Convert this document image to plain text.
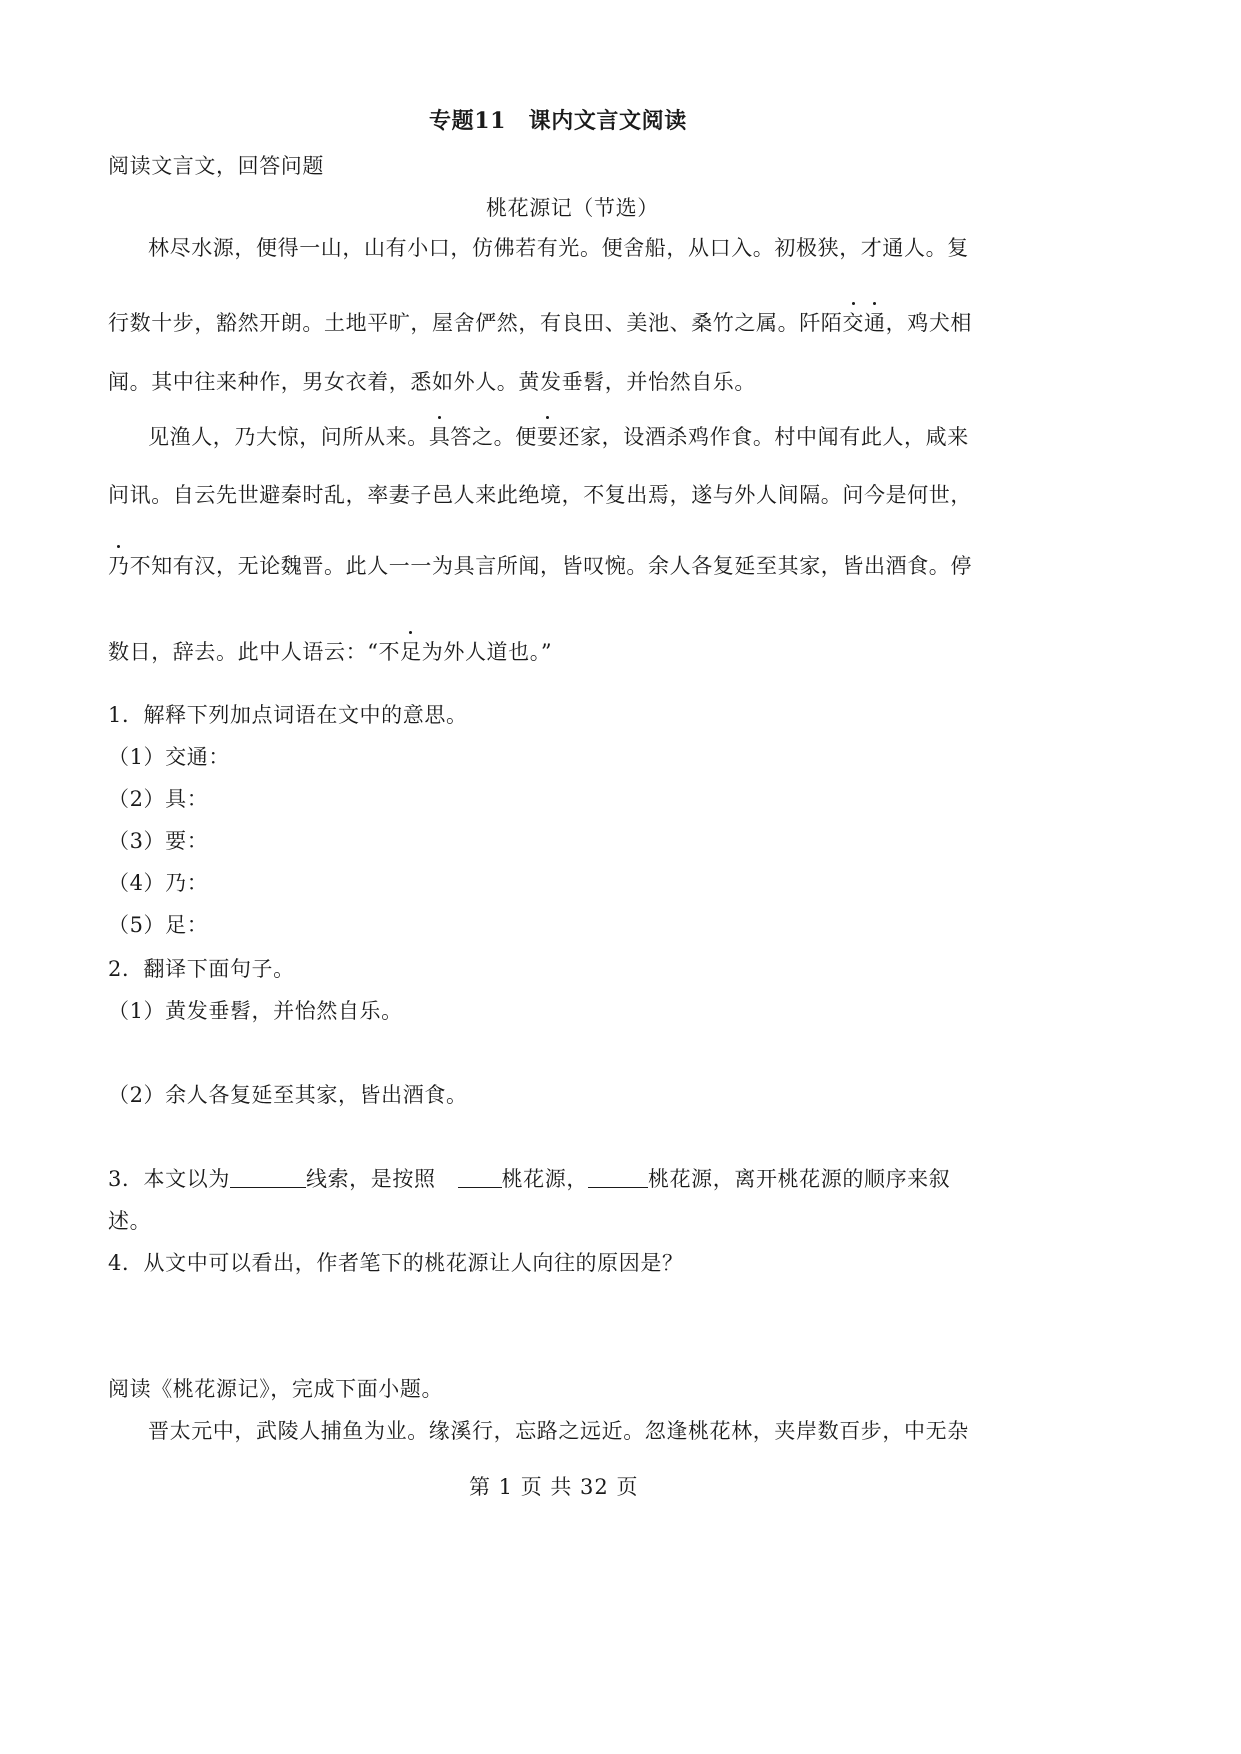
专题11　课内文言文阅读
阅读文言文，回答问题
桃花源记（节选）
林尽水源，便得一山，山有小口，仿佛若有光。便舍船，从口入。初极狭，才通人。复
行数十步，豁然开朗。土地平旷，屋舍俨然，有良田、美池、桑竹之属。阡陌交通，鸡犬相
闻。其中往来种作，男女衣着，悉如外人。黄发垂髫，并怡然自乐。
见渔人，乃大惊，问所从来。具答之。便要还家，设酒杀鸡作食。村中闻有此人，咸来
问讯。自云先世避秦时乱，率妻子邑人来此绝境，不复出焉，遂与外人间隔。问今是何世，
乃不知有汉，无论魏晋。此人一一为具言所闻，皆叹惋。余人各复延至其家，皆出酒食。停
数日，辞去。此中人语云：“不足为外人道也。”
1．解释下列加点词语在文中的意思。
（1）交通：
（2）具：
（3）要：
（4）乃：
（5）足：
2．翻译下面句子。
（1）黄发垂髫，并怡然自乐。
（2）余人各复延至其家，皆出酒食。
3．本文以为	线索，是按照	桃花源，	桃花源，离开桃花源的顺序来叙
述。
4．从文中可以看出，作者笔下的桃花源让人向往的原因是？
阅读《桃花源记》，完成下面小题。
晋太元中，武陵人捕鱼为业。缘溪行，忘路之远近。忽逢桃花林，夹岸数百步，中无杂
第 1 页 共 32 页
